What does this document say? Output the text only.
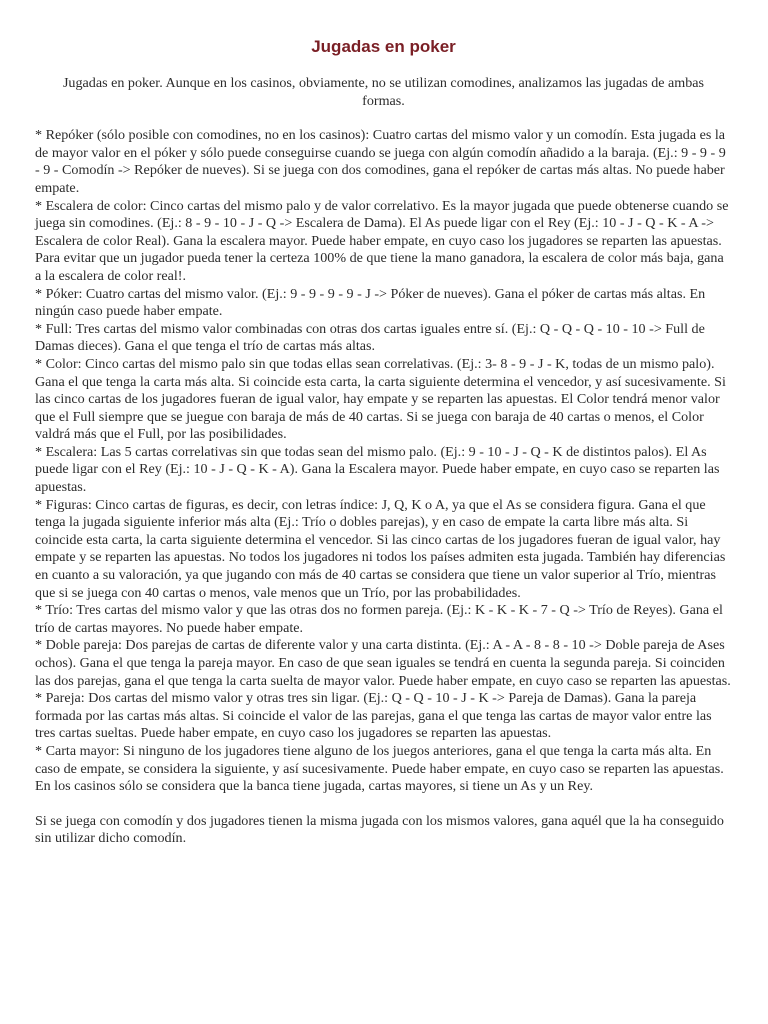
Jugadas en poker

Jugadas en poker. Aunque en los casinos, obviamente, no se utilizan comodines, analizamos las jugadas de ambas formas.

* Repóker (sólo posible con comodines, no en los casinos): Cuatro cartas del mismo valor y un comodín. Esta jugada es la de mayor valor en el póker y sólo puede conseguirse cuando se juega con algún comodín añadido a la baraja. (Ej.: 9 - 9 - 9 - 9 - Comodín -> Repóker de nueves). Si se juega con dos comodines, gana el repóker de cartas más altas. No puede haber empate.

* Escalera de color: Cinco cartas del mismo palo y de valor correlativo. Es la mayor jugada que puede obtenerse cuando se juega sin comodines. (Ej.: 8 - 9 - 10 - J - Q -> Escalera de Dama). El As puede ligar con el Rey (Ej.: 10 - J - Q - K - A -> Escalera de color Real). Gana la escalera mayor. Puede haber empate, en cuyo caso los jugadores se reparten las apuestas. Para evitar que un jugador pueda tener la certeza 100% de que tiene la mano ganadora, la escalera de color más baja, gana a la escalera de color real!.

* Póker: Cuatro cartas del mismo valor. (Ej.: 9 - 9 - 9 - 9 - J -> Póker de nueves). Gana el póker de cartas más altas. En ningún caso puede haber empate.

* Full: Tres cartas del mismo valor combinadas con otras dos cartas iguales entre sí. (Ej.: Q - Q - Q - 10 - 10 -> Full de Damas dieces). Gana el que tenga el trío de cartas más altas.

* Color: Cinco cartas del mismo palo sin que todas ellas sean correlativas. (Ej.: 3- 8 - 9 - J - K, todas de un mismo palo). Gana el que tenga la carta más alta. Si coincide esta carta, la carta siguiente determina el vencedor, y así sucesivamente. Si las cinco cartas de los jugadores fueran de igual valor, hay empate y se reparten las apuestas. El Color tendrá menor valor que el Full siempre que se juegue con baraja de más de 40 cartas. Si se juega con baraja de 40 cartas o menos, el Color valdrá más que el Full, por las posibilidades.

* Escalera: Las 5 cartas correlativas sin que todas sean del mismo palo. (Ej.: 9 - 10 - J - Q - K de distintos palos). El As puede ligar con el Rey (Ej.: 10 - J - Q - K - A). Gana la Escalera mayor. Puede haber empate, en cuyo caso se reparten las apuestas.

* Figuras: Cinco cartas de figuras, es decir, con letras índice: J, Q, K o A, ya que el As se considera figura. Gana el que tenga la jugada siguiente inferior más alta (Ej.: Trío o dobles parejas), y en caso de empate la carta libre más alta. Si coincide esta carta, la carta siguiente determina el vencedor. Si las cinco cartas de los jugadores fueran de igual valor, hay empate y se reparten las apuestas. No todos los jugadores ni todos los países admiten esta jugada. También hay diferencias en cuanto a su valoración, ya que jugando con más de 40 cartas se considera que tiene un valor superior al Trío, mientras que si se juega con 40 cartas o menos, vale menos que un Trío, por las probabilidades.

* Trío: Tres cartas del mismo valor y que las otras dos no formen pareja. (Ej.: K - K - K - 7 - Q -> Trío de Reyes). Gana el trío de cartas mayores. No puede haber empate.

* Doble pareja: Dos parejas de cartas de diferente valor y una carta distinta. (Ej.: A - A - 8 - 8 - 10 -> Doble pareja de Ases ochos). Gana el que tenga la pareja mayor. En caso de que sean iguales se tendrá en cuenta la segunda pareja. Si coinciden las dos parejas, gana el que tenga la carta suelta de mayor valor. Puede haber empate, en cuyo caso se reparten las apuestas.

* Pareja: Dos cartas del mismo valor y otras tres sin ligar. (Ej.: Q - Q - 10 - J - K -> Pareja de Damas). Gana la pareja formada por las cartas más altas. Si coincide el valor de las parejas, gana el que tenga las cartas de mayor valor entre las tres cartas sueltas. Puede haber empate, en cuyo caso los jugadores se reparten las apuestas.

* Carta mayor: Si ninguno de los jugadores tiene alguno de los juegos anteriores, gana el que tenga la carta más alta. En caso de empate, se considera la siguiente, y así sucesivamente. Puede haber empate, en cuyo caso se reparten las apuestas. En los casinos sólo se considera que la banca tiene jugada, cartas mayores, si tiene un As y un Rey.

Si se juega con comodín y dos jugadores tienen la misma jugada con los mismos valores, gana aquél que la ha conseguido sin utilizar dicho comodín.
